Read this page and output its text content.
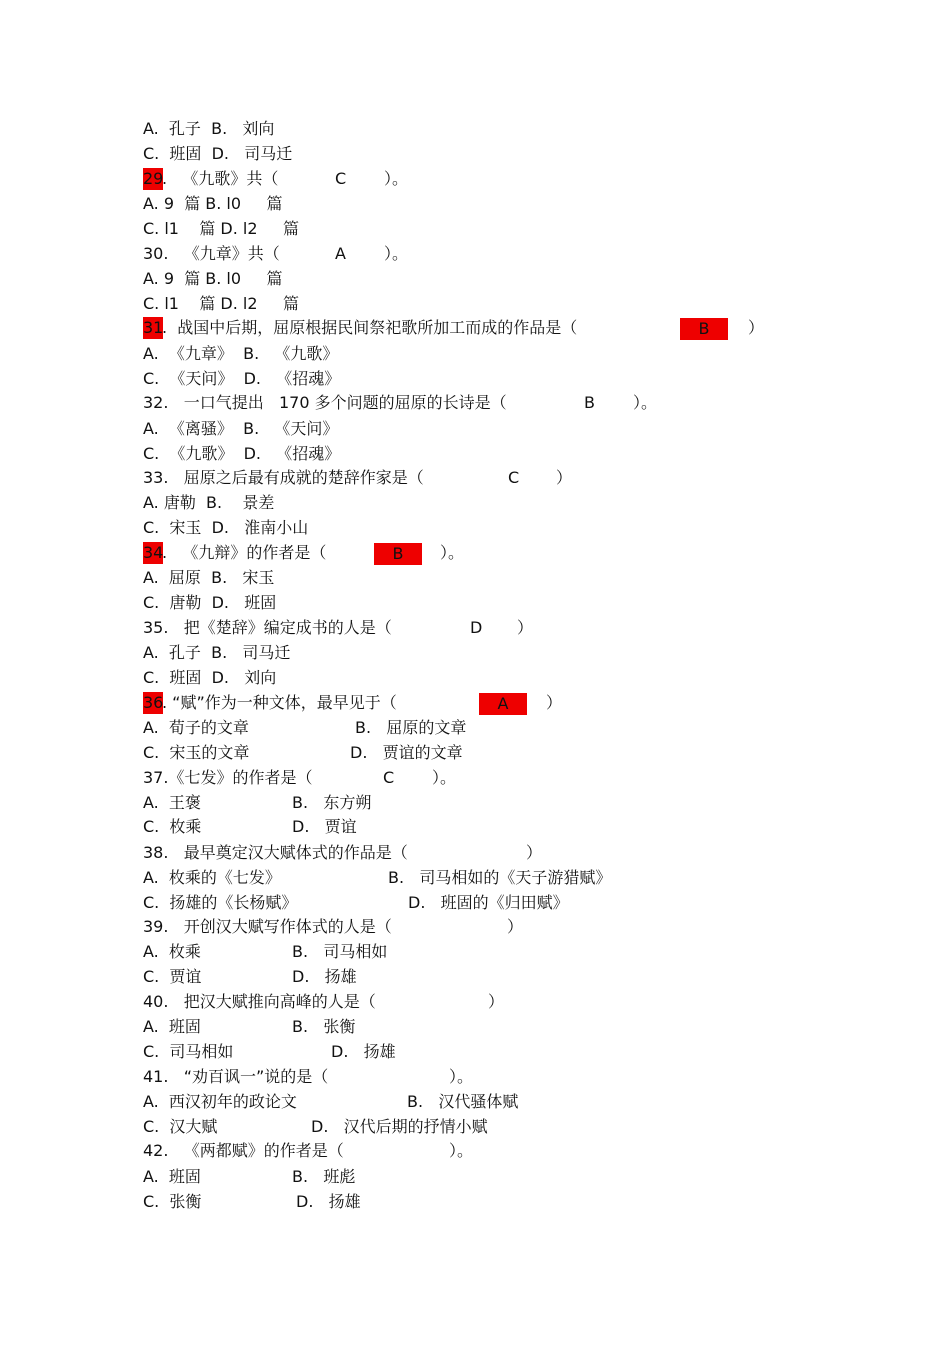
A.  孔子  B.   刘向
C.  班固  D.   司马迁
29
.   《九歌》共（	C ）。
A. 9  篇 B. l0     篇
C. l1    篇 D. l2     篇
30.   《九章》共（	A ）。
A. 9  篇 B. l0     篇
C. l1    篇 D. l2     篇
31
.  战国中后期，屈原根据民间祭祀歌所加工而成的作品是（	B	）
A.  《九章》  B.   《九歌》
C.  《天问》  D.   《招魂》
32.   一口气提出   170 多个问题的屈原的长诗是（	B ）。
A.  《离骚》  B.   《天问》
C.  《九歌》  D.   《招魂》
33.   屈原之后最有成就的楚辞作家是（	C ）
A. 唐勒  B.    景差
C.  宋玉  D.   淮南小山
34
.   《九辩》的作者是（	B	）。
A.  屈原  B.   宋玉
C.  唐勒  D.   班固
35.   把《楚辞》编定成书的人是（	D ）
A.  孔子  B.   司马迁
C.  班固  D.   刘向
36
. “赋”作为一种文体，最早见于（	A	）
A.  荀子的文章	B.   屈原的文章
C.  宋玉的文章	D.   贾谊的文章
37.《七发》的作者是（	C ）。
A.  王褒	B.   东方朔
C.  枚乘	D.   贾谊
38.   最早奠定汉大赋体式的作品是（	）
A.  枚乘的《七发》	B.   司马相如的《天子游猎赋》
C.  扬雄的《长杨赋》	D.   班固的《归田赋》
39.   开创汉大赋写作体式的人是（	）
A.  枚乘	B.   司马相如
C.  贾谊	D.   扬雄
40.   把汉大赋推向高峰的人是（	）
A.  班固	B.   张衡
C.  司马相如	D.   扬雄
41.   “劝百讽一”说的是（	）。
A.  西汉初年的政论文	B.   汉代骚体赋
C.  汉大赋	D.   汉代后期的抒情小赋
42.   《两都赋》的作者是（	）。
A.  班固	B.   班彪
C.  张衡	D.   扬雄
